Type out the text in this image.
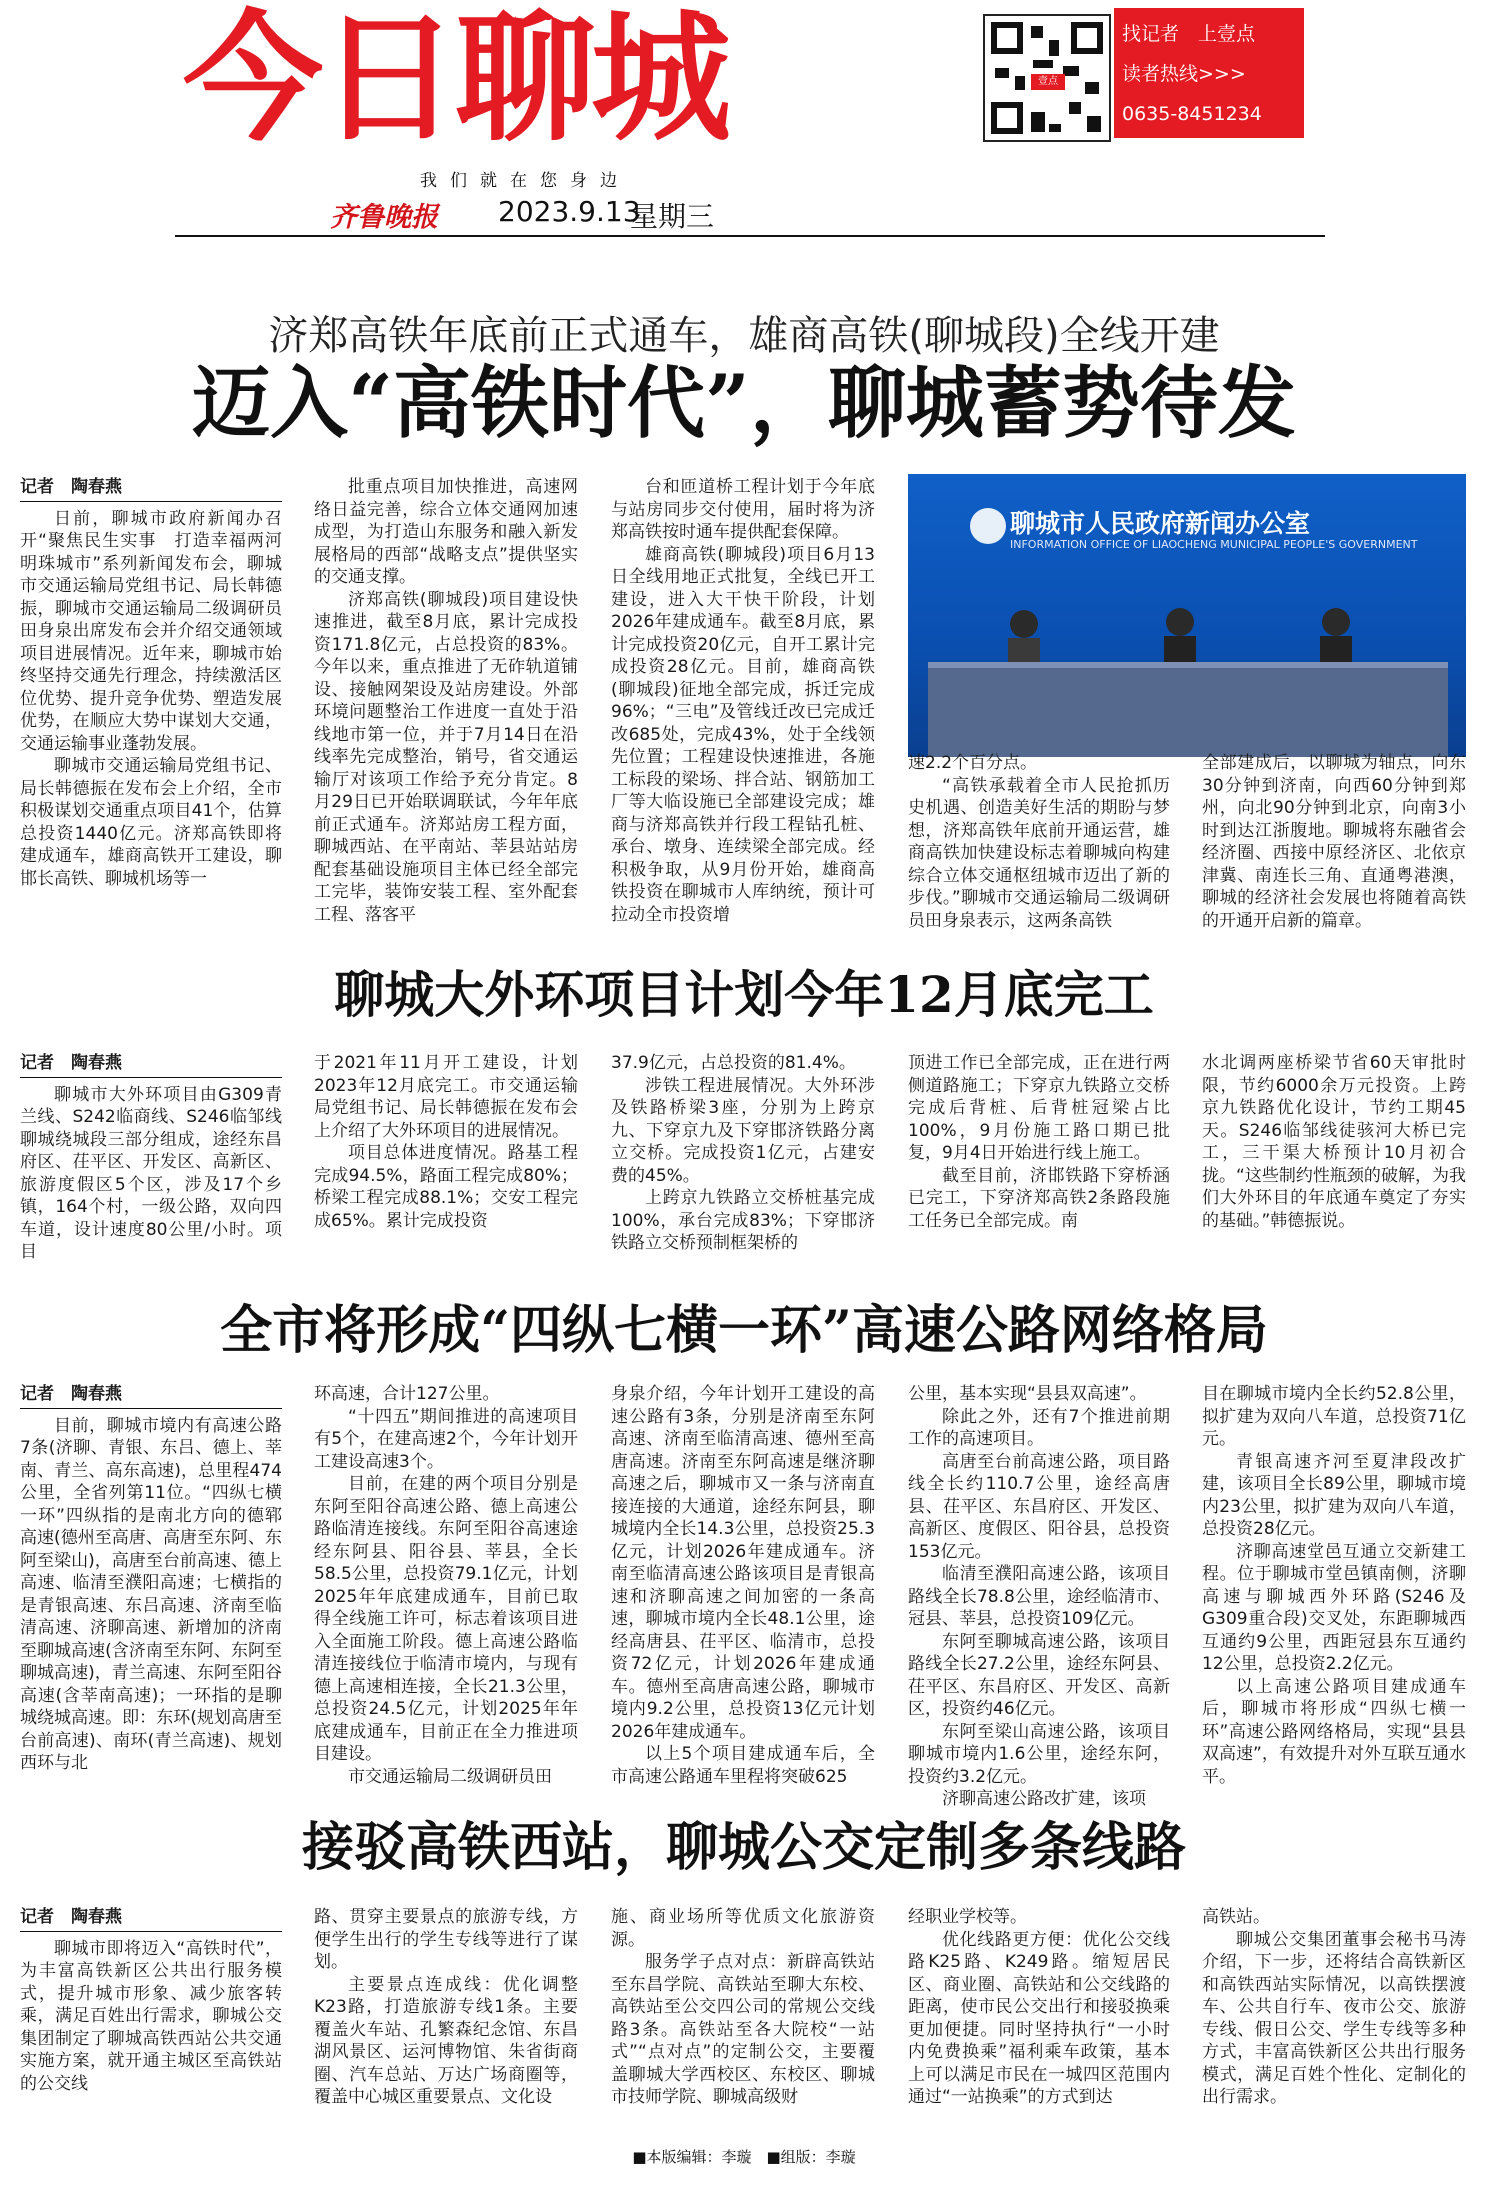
今日聊城	壹点
找记者　上壹点
读者热线>>>
0635-8451234
我们就在您身边
齐鲁晚报 2023.9.13
星期三
济郑高铁年底前正式通车，雄商高铁(聊城段)全线开建
迈入“高铁时代”，聊城蓄势待发

记者　陶春燕

日前，聊城市政府新闻办召开“聚焦民生实事　打造幸福两河明珠城市”系列新闻发布会，聊城市交通运输局党组书记、局长韩德振，聊城市交通运输局二级调研员田身泉出席发布会并介绍交通领域项目进展情况。近年来，聊城市始终坚持交通先行理念，持续激活区位优势、提升竞争优势、塑造发展优势，在顺应大势中谋划大交通，交通运输事业蓬勃发展。

聊城市交通运输局党组书记、局长韩德振在发布会上介绍，全市积极谋划交通重点项目41个，估算总投资1440亿元。济郑高铁即将建成通车，雄商高铁开工建设，聊邯长高铁、聊城机场等一

批重点项目加快推进，高速网络日益完善，综合立体交通网加速成型，为打造山东服务和融入新发展格局的西部“战略支点”提供坚实的交通支撑。

济郑高铁(聊城段)项目建设快速推进，截至8月底，累计完成投资171.8亿元，占总投资的83%。今年以来，重点推进了无砟轨道铺设、接触网架设及站房建设。外部环境问题整治工作进度一直处于沿线地市第一位，并于7月14日在沿线率先完成整治，销号，省交通运输厅对该项工作给予充分肯定。8月29日已开始联调联试，今年年底前正式通车。济郑站房工程方面，聊城西站、在平南站、莘县站站房配套基础设施项目主体已经全部完工完毕，装饰安装工程、室外配套工程、落客平

台和匝道桥工程计划于今年底与站房同步交付使用，届时将为济郑高铁按时通车提供配套保障。

雄商高铁(聊城段)项目6月13日全线用地正式批复，全线已开工建设，进入大干快干阶段，计划2026年建成通车。截至8月底，累计完成投资20亿元，自开工累计完成投资28亿元。目前，雄商高铁(聊城段)征地全部完成，拆迁完成96%；“三电”及管线迁改已完成迁改685处，完成43%，处于全线领先位置；工程建设快速推进，各施工标段的梁场、拌合站、钢筋加工厂等大临设施已全部建设完成；雄商与济郑高铁并行段工程钻孔桩、承台、墩身、连续梁全部完成。经积极争取，从9月份开始，雄商高铁投资在聊城市人库纳统，预计可拉动全市投资增

聊城市人民政府新闻办公室
INFORMATION OFFICE OF LIAOCHENG MUNICIPAL PEOPLE'S GOVERNMENT

速2.2个百分点。

“高铁承载着全市人民抢抓历史机遇、创造美好生活的期盼与梦想，济郑高铁年底前开通运营，雄商高铁加快建设标志着聊城向构建综合立体交通枢纽城市迈出了新的步伐。”聊城市交通运输局二级调研员田身泉表示，这两条高铁

全部建成后，以聊城为轴点，向东30分钟到济南，向西60分钟到郑州，向北90分钟到北京，向南3小时到达江浙腹地。聊城将东融省会经济圈、西接中原经济区、北依京津冀、南连长三角、直通粤港澳，聊城的经济社会发展也将随着高铁的开通开启新的篇章。

聊城大外环项目计划今年12月底完工

记者　陶春燕

聊城市大外环项目由G309青兰线、S242临商线、S246临邹线聊城绕城段三部分组成，途经东昌府区、茌平区、开发区、高新区、旅游度假区5个区，涉及17个乡镇，164个村，一级公路，双向四车道，设计速度80公里/小时。项目

于2021年11月开工建设，计划2023年12月底完工。市交通运输局党组书记、局长韩德振在发布会上介绍了大外环项目的进展情况。

项目总体进度情况。路基工程完成94.5%，路面工程完成80%；桥梁工程完成88.1%；交安工程完成65%。累计完成投资

37.9亿元，占总投资的81.4%。

涉铁工程进展情况。大外环涉及铁路桥梁3座，分别为上跨京九、下穿京九及下穿邯济铁路分离立交桥。完成投资1亿元，占建安费的45%。

上跨京九铁路立交桥桩基完成100%，承台完成83%；下穿邯济铁路立交桥预制框架桥的

顶进工作已全部完成，正在进行两侧道路施工；下穿京九铁路立交桥完成后背桩、后背桩冠梁占比100%，9月份施工路口期已批复，9月4日开始进行线上施工。

截至目前，济邯铁路下穿桥涵已完工，下穿济郑高铁2条路段施工任务已全部完成。南

水北调两座桥梁节省60天审批时限，节约6000余万元投资。上跨京九铁路优化设计，节约工期45天。S246临邹线徒骇河大桥已完工，三干渠大桥预计10月初合拢。“这些制约性瓶颈的破解，为我们大外环目的年底通车奠定了夯实的基础。”韩德振说。

全市将形成“四纵七横一环”高速公路网络格局

记者　陶春燕

目前，聊城市境内有高速公路7条(济聊、青银、东吕、德上、莘南、青兰、高东高速)，总里程474公里，全省列第11位。“四纵七横一环”四纵指的是南北方向的德郓高速(德州至高唐、高唐至东阿、东阿至梁山)，高唐至台前高速、德上高速、临清至濮阳高速；七横指的是青银高速、东吕高速、济南至临清高速、济聊高速、新增加的济南至聊城高速(含济南至东阿、东阿至聊城高速)，青兰高速、东阿至阳谷高速(含莘南高速)；一环指的是聊城绕城高速。即：东环(规划高唐至台前高速)、南环(青兰高速)、规划西环与北

环高速，合计127公里。

“十四五”期间推进的高速项目有5个，在建高速2个，今年计划开工建设高速3个。

目前，在建的两个项目分别是东阿至阳谷高速公路、德上高速公路临清连接线。东阿至阳谷高速途经东阿县、阳谷县、莘县，全长58.5公里，总投资79.1亿元，计划2025年年底建成通车，目前已取得全线施工许可，标志着该项目进入全面施工阶段。德上高速公路临清连接线位于临清市境内，与现有德上高速相连接，全长21.3公里，总投资24.5亿元，计划2025年年底建成通车，目前正在全力推进项目建设。

市交通运输局二级调研员田

身泉介绍，今年计划开工建设的高速公路有3条，分别是济南至东阿高速、济南至临清高速、德州至高唐高速。济南至东阿高速是继济聊高速之后，聊城市又一条与济南直接连接的大通道，途经东阿县，聊城境内全长14.3公里，总投资25.3亿元，计划2026年建成通车。济南至临清高速公路该项目是青银高速和济聊高速之间加密的一条高速，聊城市境内全长48.1公里，途经高唐县、茌平区、临清市，总投资72亿元，计划2026年建成通车。德州至高唐高速公路，聊城市境内9.2公里，总投资13亿元计划2026年建成通车。

以上5个项目建成通车后，全市高速公路通车里程将突破625

公里，基本实现“县县双高速”。

除此之外，还有7个推进前期工作的高速项目。

高唐至台前高速公路，项目路线全长约110.7公里，途经高唐县、茌平区、东昌府区、开发区、高新区、度假区、阳谷县，总投资153亿元。

临清至濮阳高速公路，该项目路线全长78.8公里，途经临清市、冠县、莘县，总投资109亿元。

东阿至聊城高速公路，该项目路线全长27.2公里，途经东阿县、茌平区、东昌府区、开发区、高新区，投资约46亿元。

东阿至梁山高速公路，该项目聊城市境内1.6公里，途经东阿，投资约3.2亿元。

济聊高速公路改扩建，该项

目在聊城市境内全长约52.8公里，拟扩建为双向八车道，总投资71亿元。

青银高速齐河至夏津段改扩建，该项目全长89公里，聊城市境内23公里，拟扩建为双向八车道，总投资28亿元。

济聊高速堂邑互通立交新建工程。位于聊城市堂邑镇南侧，济聊高速与聊城西外环路(S246及G309重合段)交叉处，东距聊城西互通约9公里，西距冠县东互通约12公里，总投资2.2亿元。

以上高速公路项目建成通车后，聊城市将形成“四纵七横一环”高速公路网络格局，实现“县县双高速”，有效提升对外互联互通水平。

接驳高铁西站，聊城公交定制多条线路

记者　陶春燕

聊城市即将迈入“高铁时代”，为丰富高铁新区公共出行服务模式，提升城市形象、减少旅客转乘，满足百姓出行需求，聊城公交集团制定了聊城高铁西站公共交通实施方案，就开通主城区至高铁站的公交线

路、贯穿主要景点的旅游专线，方便学生出行的学生专线等进行了谋划。

主要景点连成线：优化调整K23路，打造旅游专线1条。主要覆盖火车站、孔繁森纪念馆、东昌湖风景区、运河博物馆、朱省街商圈、汽车总站、万达广场商圈等，覆盖中心城区重要景点、文化设

施、商业场所等优质文化旅游资源。

服务学子点对点：新辟高铁站至东昌学院、高铁站至聊大东校、高铁站至公交四公司的常规公交线路3条。高铁站至各大院校“一站式”“点对点”的定制公交，主要覆盖聊城大学西校区、东校区、聊城市技师学院、聊城高级财

经职业学校等。

优化线路更方便：优化公交线路K25路、K249路。缩短居民区、商业圈、高铁站和公交线路的距离，使市民公交出行和接驳换乘更加便捷。同时坚持执行“一小时内免费换乘”福利乘车政策，基本上可以满足市民在一城四区范围内通过“一站换乘”的方式到达

高铁站。

聊城公交集团董事会秘书马涛介绍，下一步，还将结合高铁新区和高铁西站实际情况，以高铁摆渡车、公共自行车、夜市公交、旅游专线、假日公交、学生专线等多种方式，丰富高铁新区公共出行服务模式，满足百姓个性化、定制化的出行需求。

■本版编辑：李璇　■组版：李璇
